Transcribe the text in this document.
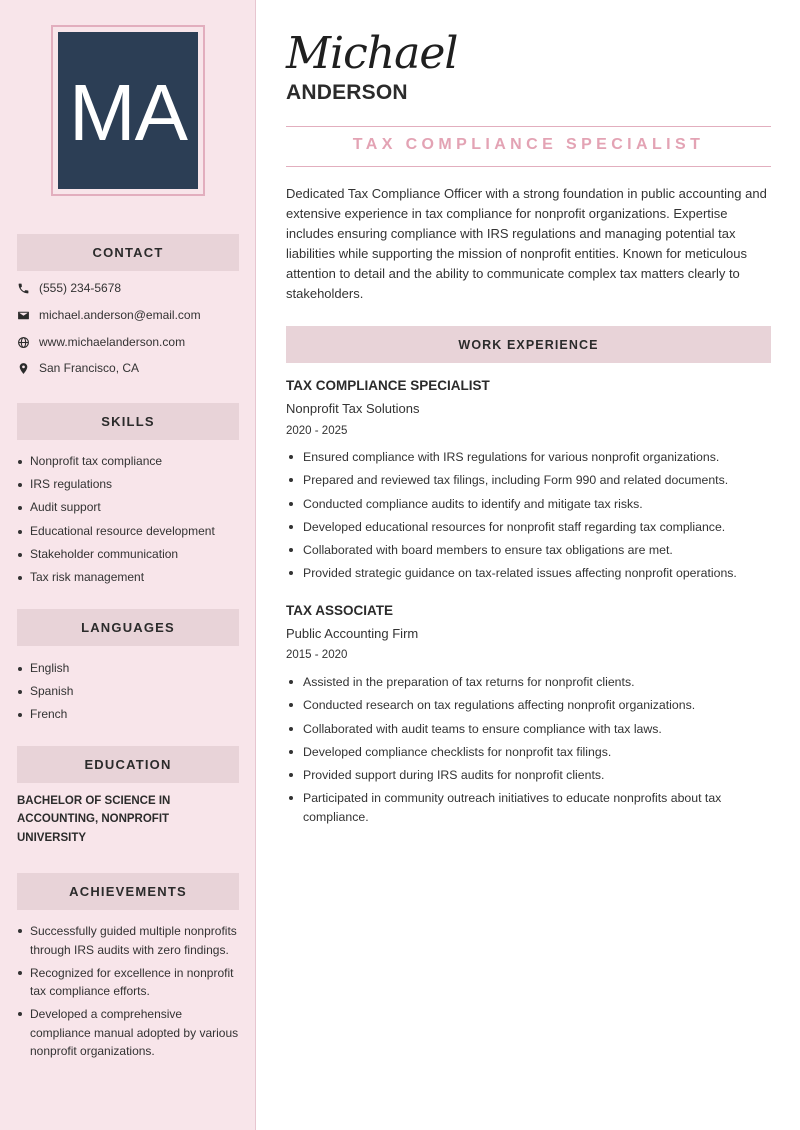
MA
CONTACT
(555) 234-5678
michael.anderson@email.com
www.michaelanderson.com
San Francisco, CA
SKILLS
Nonprofit tax compliance
IRS regulations
Audit support
Educational resource development
Stakeholder communication
Tax risk management
LANGUAGES
English
Spanish
French
EDUCATION
BACHELOR OF SCIENCE IN ACCOUNTING, NONPROFIT UNIVERSITY
ACHIEVEMENTS
Successfully guided multiple nonprofits through IRS audits with zero findings.
Recognized for excellence in nonprofit tax compliance efforts.
Developed a comprehensive compliance manual adopted by various nonprofit organizations.
Michael
ANDERSON
TAX COMPLIANCE SPECIALIST

Dedicated Tax Compliance Officer with a strong foundation in public accounting and extensive experience in tax compliance for nonprofit organizations. Expertise includes ensuring compliance with IRS regulations and managing potential tax liabilities while supporting the mission of nonprofit entities. Known for meticulous attention to detail and the ability to communicate complex tax matters clearly to stakeholders.

WORK EXPERIENCE
TAX COMPLIANCE SPECIALIST
Nonprofit Tax Solutions
2020 - 2025
Ensured compliance with IRS regulations for various nonprofit organizations.
Prepared and reviewed tax filings, including Form 990 and related documents.
Conducted compliance audits to identify and mitigate tax risks.
Developed educational resources for nonprofit staff regarding tax compliance.
Collaborated with board members to ensure tax obligations are met.
Provided strategic guidance on tax-related issues affecting nonprofit operations.
TAX ASSOCIATE
Public Accounting Firm
2015 - 2020
Assisted in the preparation of tax returns for nonprofit clients.
Conducted research on tax regulations affecting nonprofit organizations.
Collaborated with audit teams to ensure compliance with tax laws.
Developed compliance checklists for nonprofit tax filings.
Provided support during IRS audits for nonprofit clients.
Participated in community outreach initiatives to educate nonprofits about tax compliance.
